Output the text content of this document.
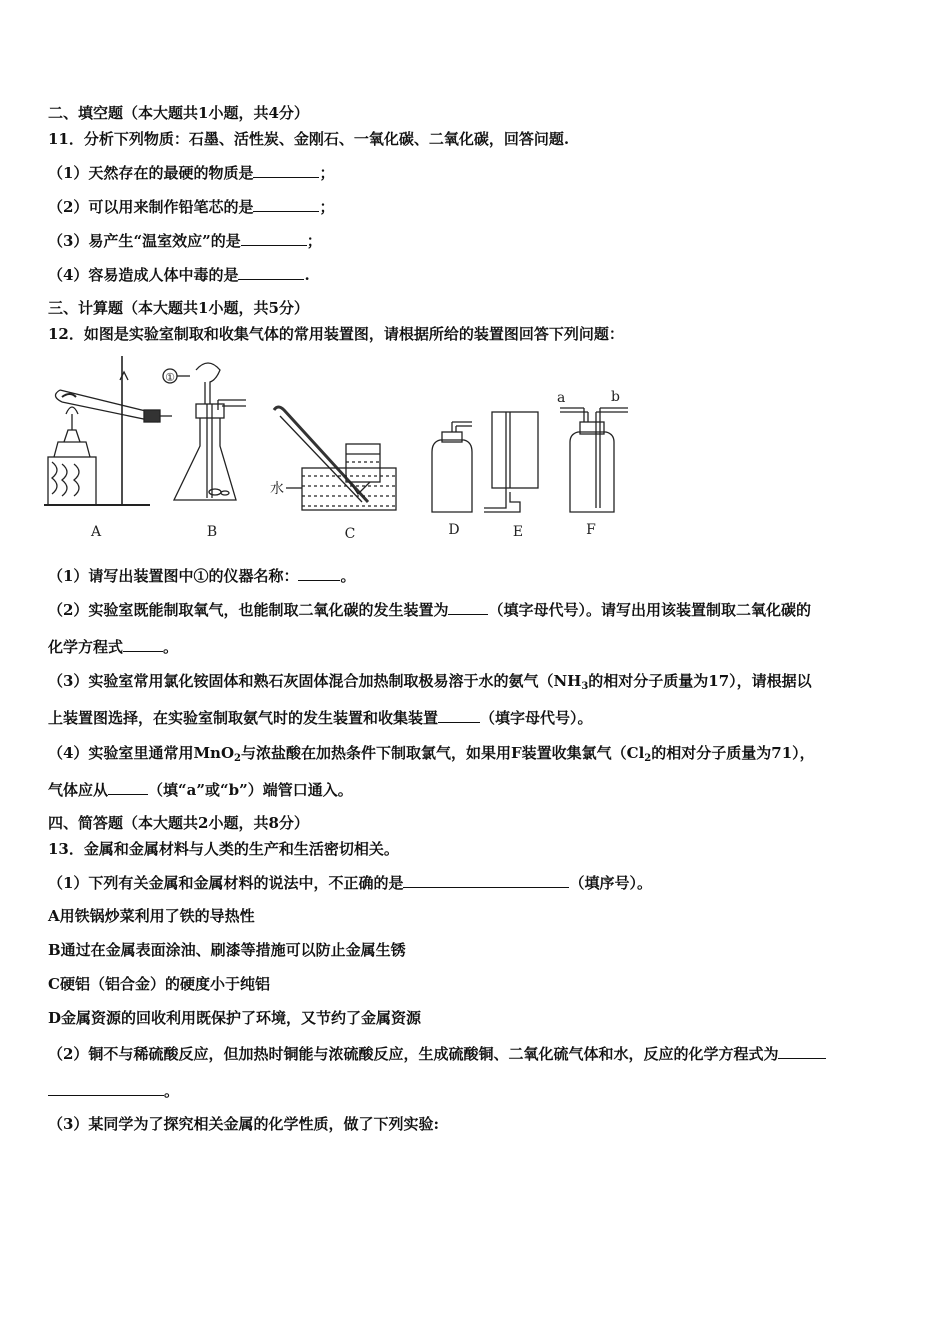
二、填空题（本大题共1小题，共4分）
11．分析下列物质：石墨、活性炭、金刚石、一氧化碳、二氧化碳，回答问题.
（1）天然存在的最硬的物质是	；
（2）可以用来制作铅笔芯的是	；
（3）易产生“温室效应”的是	；
（4）容易造成人体中毒的是	.
三、计算题（本大题共1小题，共5分）
12．如图是实验室制取和收集气体的常用装置图，请根据所给的装置图回答下列问题：
①
水
a	b
A	B	C	D	E	F
（1）请写出装置图中①的仪器名称：	。
（2）实验室既能制取氧气，也能制取二氧化碳的发生装置为	（填字母代号）。请写出用该装置制取二氧化碳的
化学方程式	。
（3）实验室常用氯化铵固体和熟石灰固体混合加热制取极易溶于水的氨气（$NH_3$的相对分子质量为17），请根据以
上装置图选择，在实验室制取氨气时的发生装置和收集装置	（填字母代号）。
（4）实验室里通常用MnO$_2$与浓盐酸在加热条件下制取氯气，如果用F装置收集氯气（$Cl_2$的相对分子质量为71），
气体应从	（填“a”或“b”）端管口通入。
四、简答题（本大题共2小题，共8分）
13．金属和金属材料与人类的生产和生活密切相关。
（1）下列有关金属和金属材料的说法中，不正确的是	（填序号）。
A用铁锅炒菜利用了铁的导热性
B通过在金属表面涂油、刷漆等措施可以防止金属生锈
C硬铝（铝合金）的硬度小于纯铝
D金属资源的回收利用既保护了环境，又节约了金属资源
（2）铜不与稀硫酸反应，但加热时铜能与浓硫酸反应，生成硫酸铜、二氧化硫气体和水，反应的化学方程式为
。
（3）某同学为了探究相关金属的化学性质，做了下列实验:
